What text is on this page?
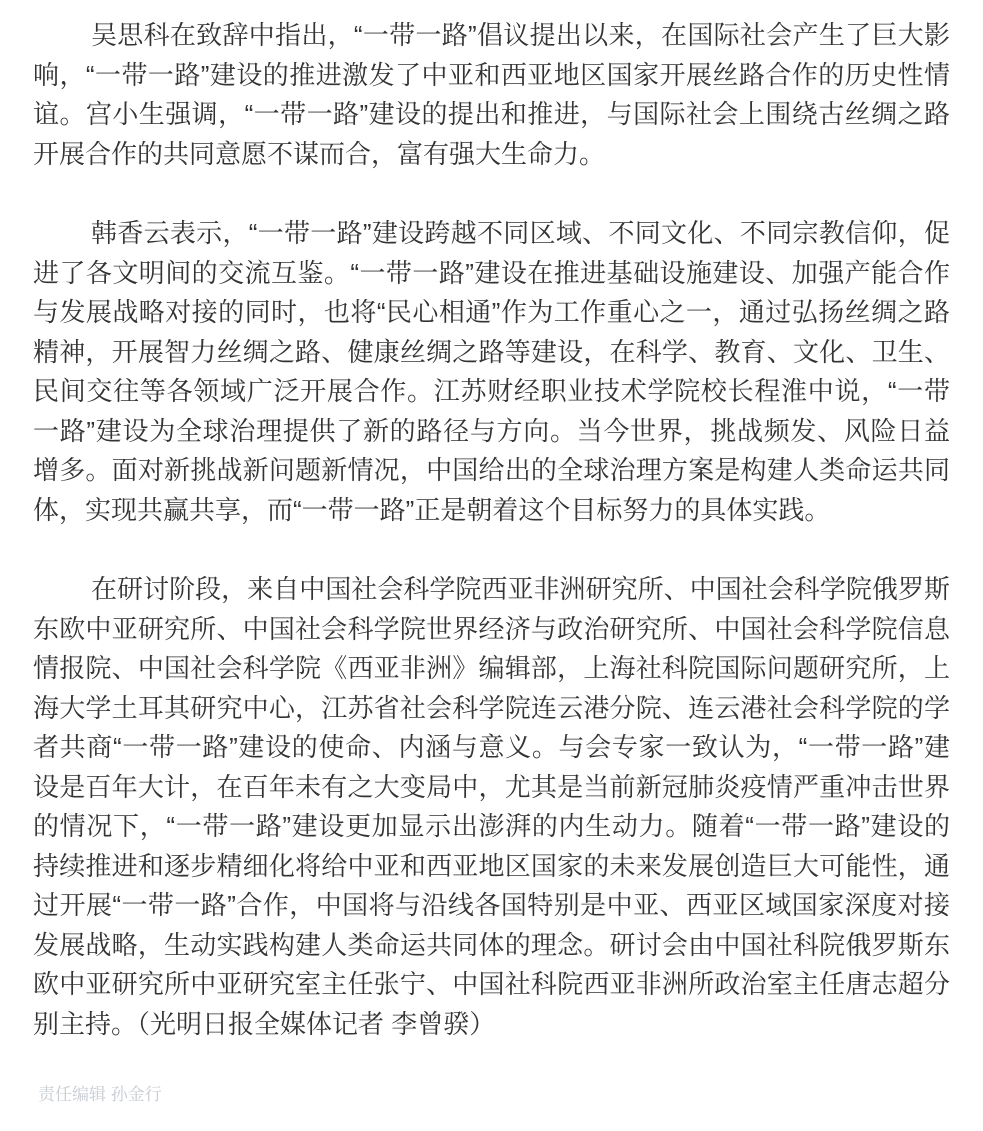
吴思科在致辞中指出，“一带一路”倡议提出以来，在国际社会产生了巨大影响，“一带一路”建设的推进激发了中亚和西亚地区国家开展丝路合作的历史性情谊。宫小生强调，“一带一路”建设的提出和推进，与国际社会上围绕古丝绸之路开展合作的共同意愿不谋而合，富有强大生命力。

韩香云表示，“一带一路”建设跨越不同区域、不同文化、不同宗教信仰，促进了各文明间的交流互鉴。“一带一路”建设在推进基础设施建设、加强产能合作与发展战略对接的同时，也将“民心相通”作为工作重心之一，通过弘扬丝绸之路精神，开展智力丝绸之路、健康丝绸之路等建设，在科学、教育、文化、卫生、民间交往等各领域广泛开展合作。江苏财经职业技术学院校长程淮中说，“一带一路”建设为全球治理提供了新的路径与方向。当今世界，挑战频发、风险日益增多。面对新挑战新问题新情况，中国给出的全球治理方案是构建人类命运共同体，实现共赢共享，而“一带一路”正是朝着这个目标努力的具体实践。

在研讨阶段，来自中国社会科学院西亚非洲研究所、中国社会科学院俄罗斯东欧中亚研究所、中国社会科学院世界经济与政治研究所、中国社会科学院信息情报院、中国社会科学院《西亚非洲》编辑部，上海社科院国际问题研究所，上海大学土耳其研究中心，江苏省社会科学院连云港分院、连云港社会科学院的学者共商“一带一路”建设的使命、内涵与意义。与会专家一致认为，“一带一路”建设是百年大计，在百年未有之大变局中，尤其是当前新冠肺炎疫情严重冲击世界的情况下，“一带一路”建设更加显示出澎湃的内生动力。随着“一带一路”建设的持续推进和逐步精细化将给中亚和西亚地区国家的未来发展创造巨大可能性，通过开展“一带一路”合作，中国将与沿线各国特别是中亚、西亚区域国家深度对接发展战略，生动实践构建人类命运共同体的理念。研讨会由中国社科院俄罗斯东欧中亚研究所中亚研究室主任张宁、中国社科院西亚非洲所政治室主任唐志超分别主持。（光明日报全媒体记者 李曾骙）

责任编辑 孙金行
